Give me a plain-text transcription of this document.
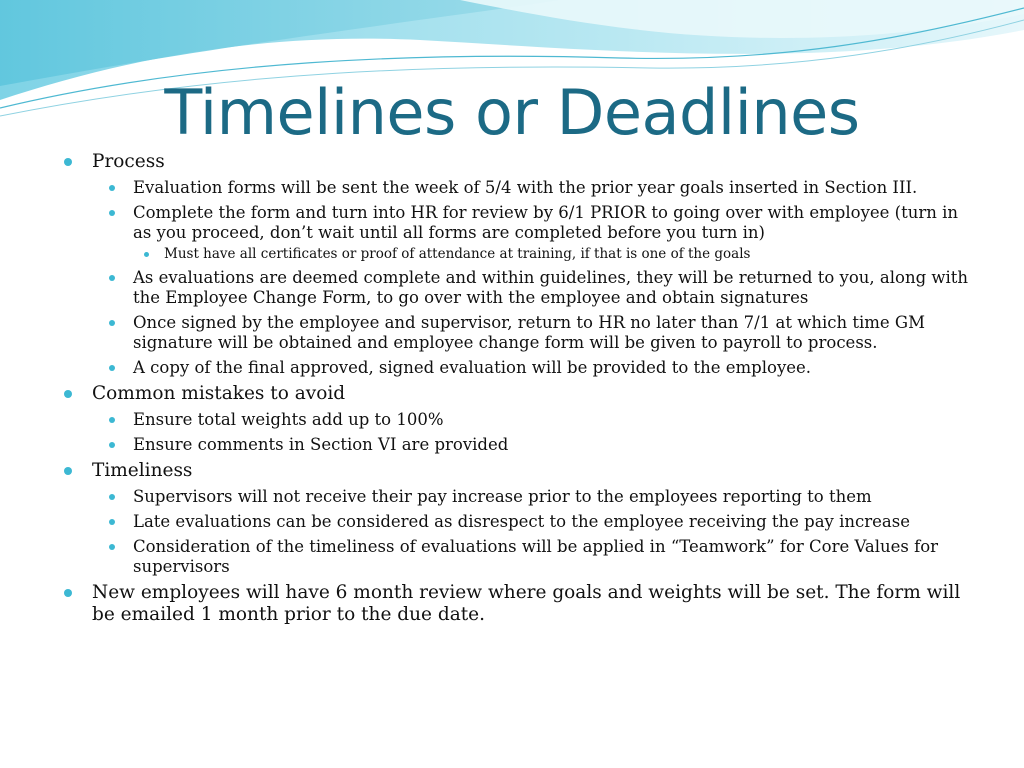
Timelines or Deadlines
Process
Evaluation forms will be sent the week of 5/4 with the prior year goals inserted in Section III.
Complete the form and turn into HR for review by 6/1 PRIOR to going over with employee (turn in as you proceed, don’t wait until all forms are completed before you turn in)
Must have all certificates or proof of attendance at training, if that is one of the goals
As evaluations are deemed complete and within guidelines, they will be returned to you, along with the Employee Change Form, to go over with the employee and obtain signatures
Once signed by the employee and supervisor, return to HR no later than 7/1 at which time GM signature will be obtained and employee change form will be given to payroll to process.
A copy of the final approved, signed evaluation will be provided to the employee.
Common mistakes to avoid
Ensure total weights add up to 100%
Ensure comments in Section VI are provided
Timeliness
Supervisors will not receive their pay increase prior to the employees reporting to them
Late evaluations can be considered as disrespect to the employee receiving the pay increase
Consideration of the timeliness of evaluations will be applied in “Teamwork” for Core Values for supervisors
New employees will have 6 month review where goals and weights will be set. The form will be emailed 1 month prior to the due date.
